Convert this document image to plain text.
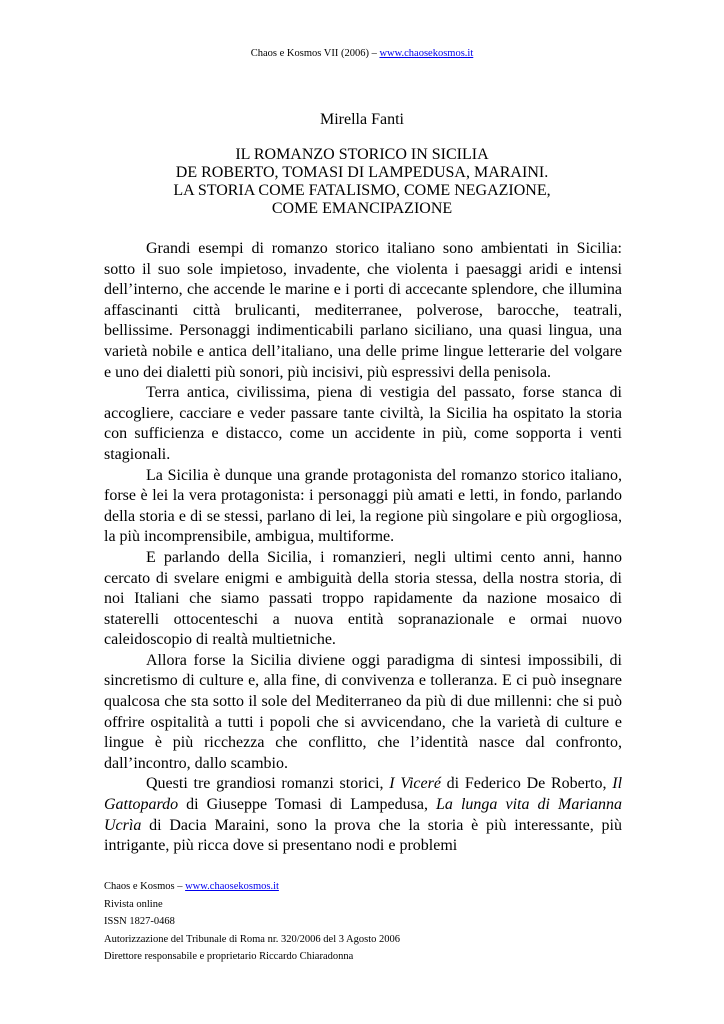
Chaos e Kosmos VII (2006) – www.chaosekosmos.it
Mirella Fanti
IL ROMANZO STORICO IN SICILIA
DE ROBERTO, TOMASI DI LAMPEDUSA, MARAINI.
LA STORIA COME FATALISMO, COME NEGAZIONE,
COME EMANCIPAZIONE

Grandi esempi di romanzo storico italiano sono ambientati in Sicilia: sotto il suo sole impietoso, invadente, che violenta i paesaggi aridi e intensi dell’interno, che accende le marine e i porti di accecante splendore, che illumina affascinanti città brulicanti, mediterranee, polverose, barocche, teatrali, bellissime. Personaggi indimenticabili parlano siciliano, una quasi lingua, una varietà nobile e antica dell’italiano, una delle prime lingue letterarie del volgare e uno dei dialetti più sonori, più incisivi, più espressivi della penisola.

Terra antica, civilissima, piena di vestigia del passato, forse stanca di accogliere, cacciare e veder passare tante civiltà, la Sicilia ha ospitato la storia con sufficienza e distacco, come un accidente in più, come sopporta i venti stagionali.

La Sicilia è dunque una grande protagonista del romanzo storico italiano, forse è lei la vera protagonista: i personaggi più amati e letti, in fondo, parlando della storia e di se stessi, parlano di lei, la regione più singolare e più orgogliosa, la più incomprensibile, ambigua, multiforme.

E parlando della Sicilia, i romanzieri, negli ultimi cento anni, hanno cercato di svelare enigmi e ambiguità della storia stessa, della nostra storia, di noi Italiani che siamo passati troppo rapidamente da nazione mosaico di staterelli ottocenteschi a nuova entità sopranazionale e ormai nuovo caleidoscopio di realtà multietniche.

Allora forse la Sicilia diviene oggi paradigma di sintesi impossibili, di sincretismo di culture e, alla fine, di convivenza e tolleranza. E ci può insegnare qualcosa che sta sotto il sole del Mediterraneo da più di due millenni: che si può offrire ospitalità a tutti i popoli che si avvicendano, che la varietà di culture e lingue è più ricchezza che conflitto, che l’identità nasce dal confronto, dall’incontro, dallo scambio.

Questi tre grandiosi romanzi storici, I Viceré di Federico De Roberto, Il Gattopardo di Giuseppe Tomasi di Lampedusa, La lunga vita di Marianna Ucrìa di Dacia Maraini, sono la prova che la storia è più interessante, più intrigante, più ricca dove si presentano nodi e problemi

Chaos e Kosmos – www.chaosekosmos.it
Rivista online
ISSN 1827-0468
Autorizzazione del Tribunale di Roma nr. 320/2006 del 3 Agosto 2006
Direttore responsabile e proprietario Riccardo Chiaradonna
